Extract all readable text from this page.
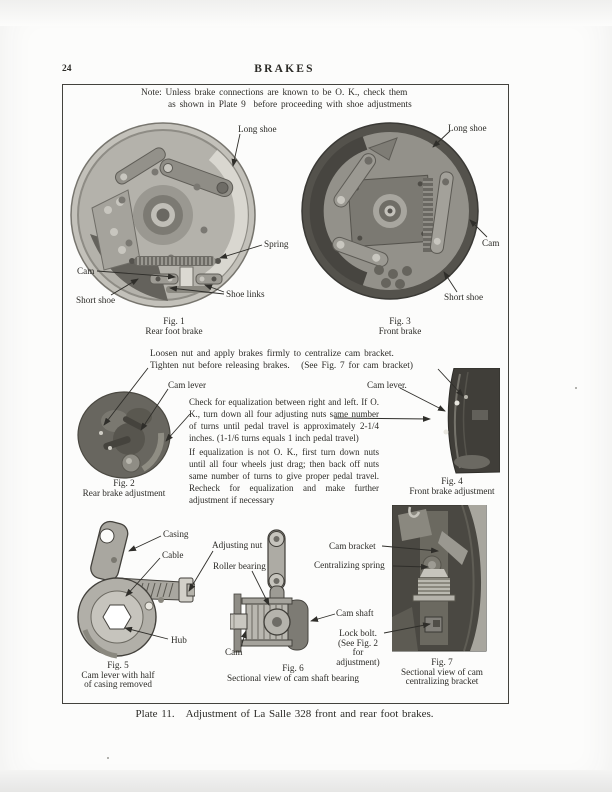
24	BRAKES
Note: Unless brake connections are known to be O. K., check them
as shown in Plate 9  before proceeding with shoe adjustments
Long shoe
Spring
Cam
Short shoe
Shoe links
Fig. 1
Rear foot brake
Long shoe
Cam
Short shoe
Fig. 3
Front brake
Loosen nut and apply brakes firmly to centralize cam bracket.
Tighten nut before releasing brakes.   (See Fig. 7 for cam bracket)
Cam lever	Cam lever.
Fig. 2
Rear brake adjustment

Check for equalization between right and left. If O. K., turn down all four adjusting nuts same number of turns until pedal travel is approximately 2-1/4 inches. (1-1/6 turns equals 1 inch pedal travel)

If equalization is not O. K., first turn down nuts until all four wheels just drag; then back off nuts same number of turns to give proper pedal travel. Recheck for equalization and make further adjustment if necessary

Fig. 4
Front brake adjustment
Casing
Cable
Hub
Adjusting nut
Roller bearing
Fig. 5
Cam lever with half
of casing removed
Cam
Fig. 6
Sectional view of cam shaft bearing
Cam bracket
Centralizing spring
Cam shaft
Lock bolt.
(See Fig. 2 for
adjustment)	Fig. 7
Sectional view of cam
centralizing bracket
Plate 11. Adjustment of La Salle 328 front and rear foot brakes.
